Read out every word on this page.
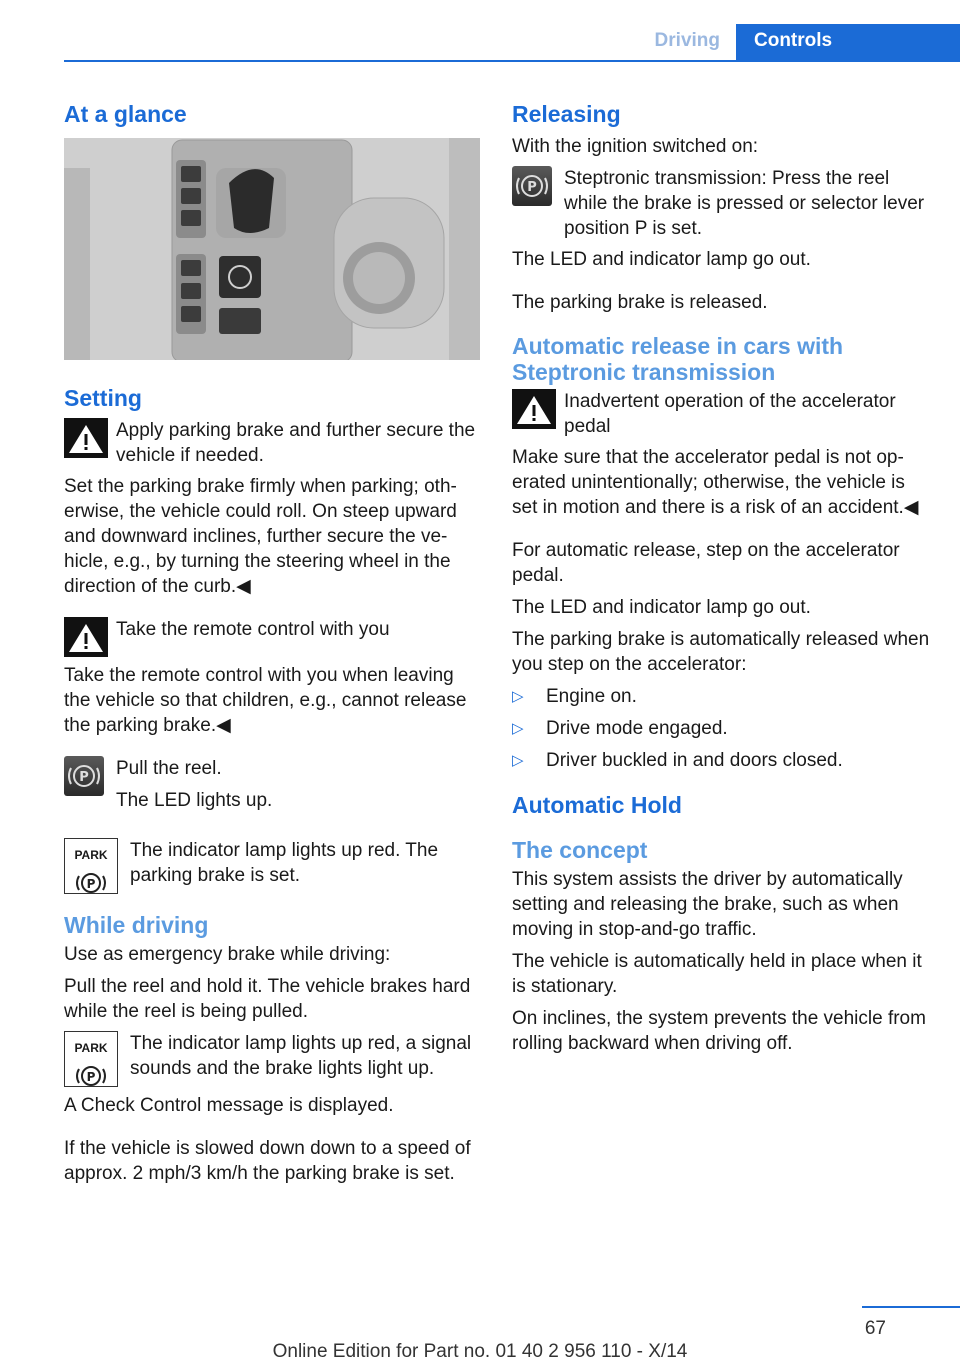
Driving	Controls
At a glance
Setting
Apply parking brake and further secure the vehicle if needed.

Set the parking brake firmly when parking; otherwise, the vehicle could roll. On steep upward and downward inclines, further secure the vehicle, e.g., by turning the steering wheel in the direction of the curb.◀

Take the remote control with you

Take the remote control with you when leaving the vehicle so that children, e.g., cannot release the parking brake.◀

P Pull the reel.

The LED lights up.

PARK
P
The indicator lamp lights up red. The parking brake is set.
While driving

Use as emergency brake while driving:

Pull the reel and hold it. The vehicle brakes hard while the reel is being pulled.

PARK
P
The indicator lamp lights up red, a signal sounds and the brake lights light up.

A Check Control message is displayed.

If the vehicle is slowed down down to a speed of approx. 2 mph/3 km/h the parking brake is set.

Releasing

With the ignition switched on:

P Steptronic transmission: Press the reel while the brake is pressed or selector lever position P is set.

The LED and indicator lamp go out.

The parking brake is released.

Automatic release in cars with Steptronic transmission
Inadvertent operation of the accelerator pedal

Make sure that the accelerator pedal is not operated unintentionally; otherwise, the vehicle is set in motion and there is a risk of an accident.◀

For automatic release, step on the accelerator pedal.

The LED and indicator lamp go out.

The parking brake is automatically released when you step on the accelerator:

▷	Engine on.
▷	Drive mode engaged.
▷	Driver buckled in and doors closed.
Automatic Hold
The concept

This system assists the driver by automatically setting and releasing the brake, such as when moving in stop-and-go traffic.

The vehicle is automatically held in place when it is stationary.

On inclines, the system prevents the vehicle from rolling backward when driving off.

67
Online Edition for Part no. 01 40 2 956 110 - X/14
